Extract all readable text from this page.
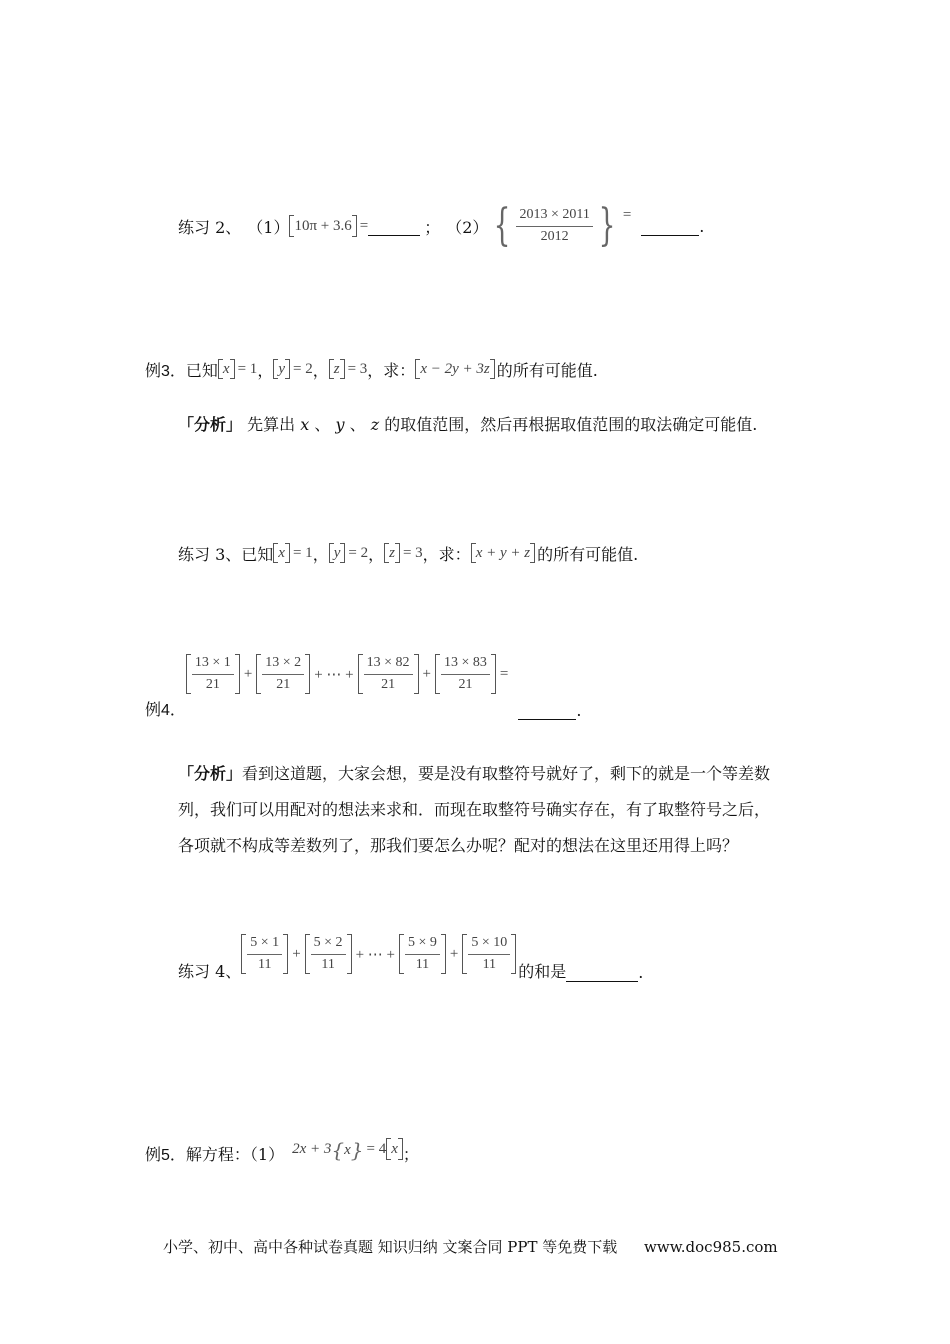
练习 2、 （1） 10π + 3.6 =	； （2） { $\frac{2013 \times 2011}{2012}$ } =
.
例3． 已知 x = 1 ， y = 2 ， z = 3 ，求： x − 2y + 3z 的所有可能值.
「分析」 先算出 x 、 y 、 z 的取值范围，然后再根据取值范围的取法确定可能值.
练习 3、 已知 x = 1 ， y = 2 ， z = 3 ，求： x + y + z 的所有可能值.
例4．
$\frac{13 \times 1}{21} + \frac{13 \times 2}{21}$ + ⋯ + $\frac{13 \times 82}{21} + \frac{13 \times 83}{21}$ =
.
「分析」看到这道题，大家会想，要是没有取整符号就好了，剩下的就是一个等差数
列，我们可以用配对的想法来求和．而现在取整符号确实存在，有了取整符号之后，
各项就不构成等差数列了，那我们要怎么办呢？配对的想法在这里还用得上吗？
练习 4、 $\frac{5 \times 1}{11} + \frac{5 \times 2}{11}$ + ⋯ + $\frac{5 \times 9}{11} + \frac{5 \times 10}{11}$ 的和是	.
例5． 解方程：（1） 2x + 3 { x } = 4 x ；
小学、初中、高中各种试卷真题 知识归纳 文案合同 PPT 等免费下载 www.doc985.com
